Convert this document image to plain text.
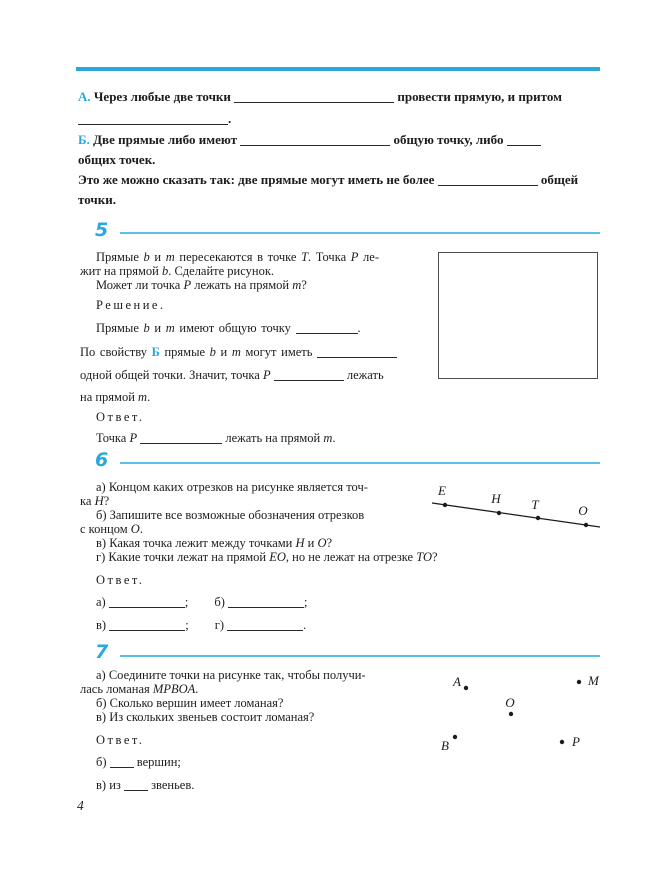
А. Через любые две точки	провести прямую, и притом
.
Б. Две прямые либо имеют	общую точку, либо
общих точек.
Это же можно сказать так: две прямые могут иметь не более	общей
точки.
5
Прямые b и m пересекаются в точке T. Точка P ле-
жит на прямой b. Сделайте рисунок.
Может ли точка P лежать на прямой m?
Решение.
Прямые b и m имеют общую точку	.
По свойству Б прямые b и m могут иметь
одной общей точки. Значит, точка P	лежать
на прямой m.
Ответ.
Точка P	лежать на прямой m.
6
а) Концом каких отрезков на рисунке является точ-
ка H?
б) Запишите все возможные обозначения отрезков
с концом O.
в) Какая точка лежит между точками H и O?
г) Какие точки лежат на прямой EO, но не лежат на отрезке TO?
Ответ.
а)	; б)	;
в)	; г)	.
E
H T	O
7
а) Соедините точки на рисунке так, чтобы получи-
лась ломаная MPBOA.
б) Сколько вершин имеет ломаная?
в) Из скольких звеньев состоит ломаная?
Ответ.
б)  вершин;
в) из  звеньев.
A	M
O
B	P
4
